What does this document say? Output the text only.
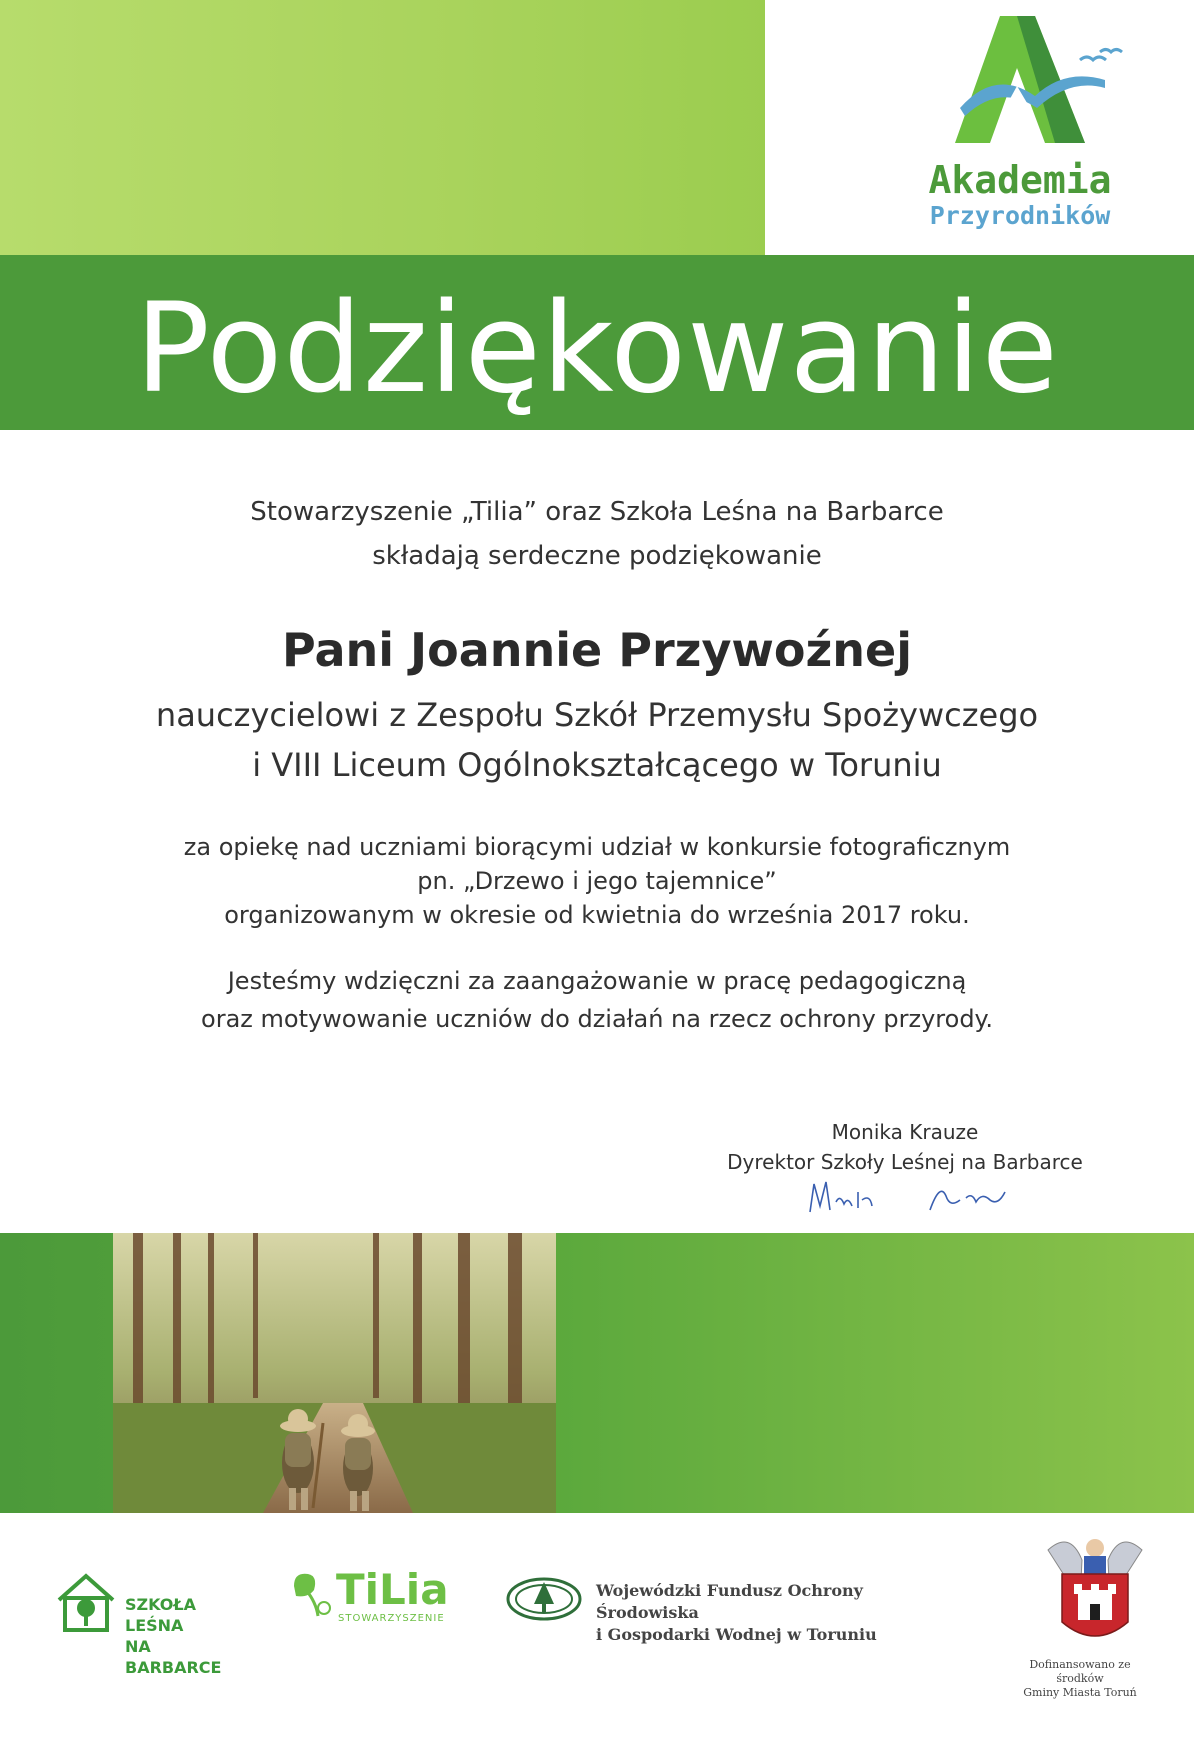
Akademia
Przyrodników
Podziękowanie
Stowarzyszenie „Tilia” oraz Szkoła Leśna na Barbarce
składają serdeczne podziękowanie
Pani Joannie Przywoźnej
nauczycielowi z Zespołu Szkół Przemysłu Spożywczego
i VIII Liceum Ogólnokształcącego w Toruniu
za opiekę nad uczniami biorącymi udział w konkursie fotograficznym
pn. „Drzewo i jego tajemnice”
organizowanym w okresie od kwietnia do września 2017 roku.
Jesteśmy wdzięczni za zaangażowanie w pracę pedagogiczną
oraz motywowanie uczniów do działań na rzecz ochrony przyrody.
Monika Krauze
Dyrektor Szkoły Leśnej na Barbarce
SZKOŁA LEŚNA
NA BARBARCE
TiLia
STOWARZYSZENIE
Wojewódzki Fundusz Ochrony Środowiska
i Gospodarki Wodnej w Toruniu
Dofinansowano ze środków
Gminy Miasta Toruń
